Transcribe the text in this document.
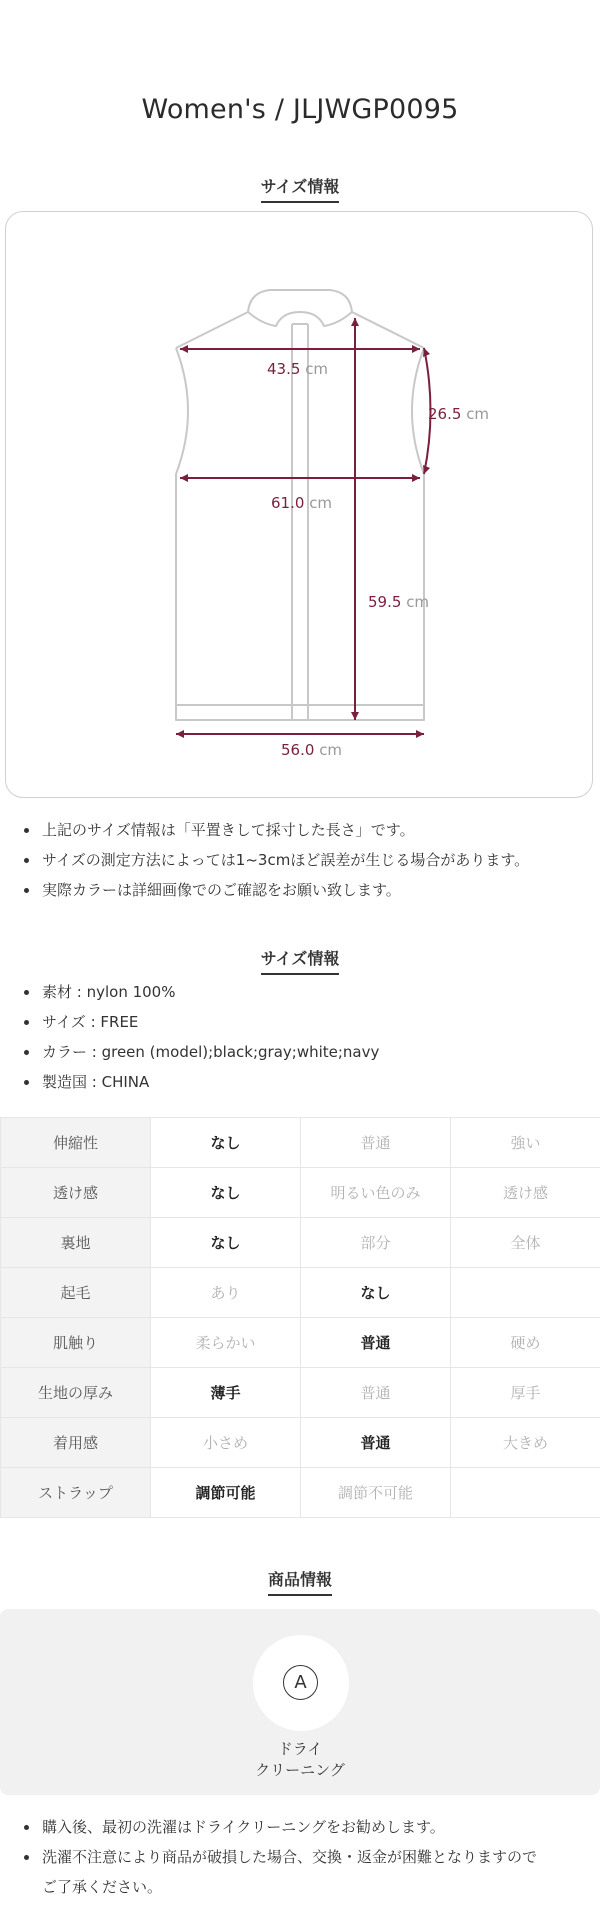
Women's / JLJWGP0095
サイズ情報
43.5 cm
26.5 cm
61.0 cm
59.5 cm
56.0 cm
上記のサイズ情報は「平置きして採寸した長さ」です。
サイズの測定方法によっては1~3cmほど誤差が生じる場合があります。
実際カラーは詳細画像でのご確認をお願い致します。
サイズ情報
素材 : nylon 100%
サイズ : FREE
カラー : green (model);black;gray;white;navy
製造国 : CHINA
伸縮性	なし	普通	強い
透け感	なし	明るい色のみ	透け感
裏地	なし	部分	全体
起毛	あり	なし	
肌触り	柔らかい	普通	硬め
生地の厚み	薄手	普通	厚手
着用感	小さめ	普通	大きめ
ストラップ	調節可能	調節不可能	
商品情報
A
ドライ
クリーニング
購入後、最初の洗濯はドライクリーニングをお勧めします。
洗濯不注意により商品が破損した場合、交換・返金が困難となりますので
ご了承ください。
